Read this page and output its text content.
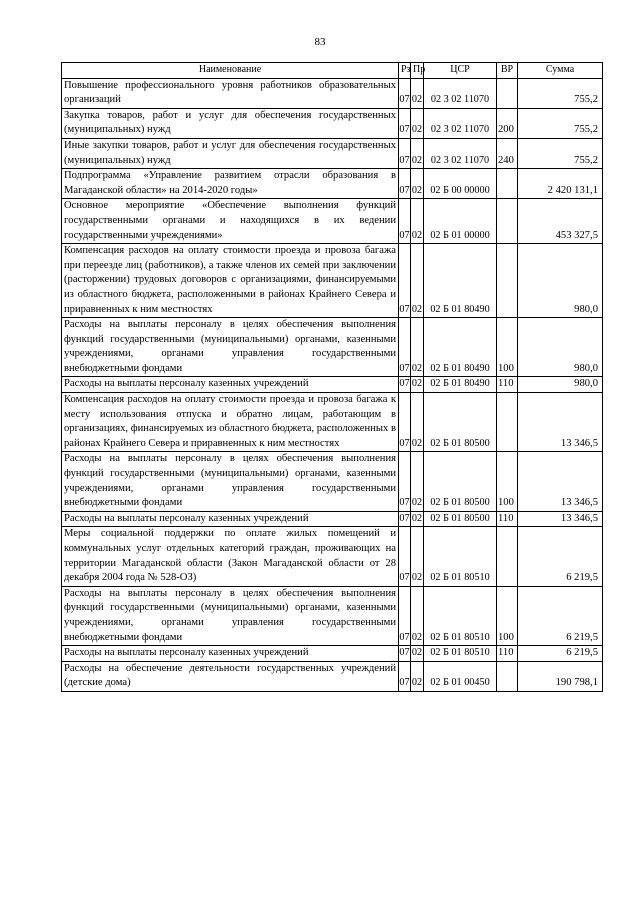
83
Наименование	Рз	Пр	ЦСР	ВР	Сумма
Повышение профессионального уровня работников образовательных организаций	07	02	02 3 02 11070		755,2
Закупка товаров, работ и услуг для обеспечения государственных (муниципальных) нужд	07	02	02 3 02 11070	200	755,2
Иные закупки товаров, работ и услуг для обеспечения государственных (муниципальных) нужд	07	02	02 3 02 11070	240	755,2
Подпрограмма «Управление развитием отрасли образования в Магаданской области» на 2014-2020 годы»	07	02	02 Б 00 00000		2 420 131,1
Основное мероприятие «Обеспечение выполнения функций государственными органами и находящихся в их ведении государственными учреждениями»	07	02	02 Б 01 00000		453 327,5
Компенсация расходов на оплату стоимости проезда и провоза багажа при переезде лиц (работников), а также членов их семей при заключении (расторжении) трудовых договоров с организациями, финансируемыми из областного бюджета, расположенными в районах Крайнего Севера и приравненных к ним местностях	07	02	02 Б 01 80490		980,0
Расходы на выплаты персоналу в целях обеспечения выполнения функций государственными (муниципальными) органами, казенными учреждениями, органами управления государственными внебюджетными фондами	07	02	02 Б 01 80490	100	980,0
Расходы на выплаты персоналу казенных учреждений	07	02	02 Б 01 80490	110	980,0
Компенсация расходов на оплату стоимости проезда и провоза багажа к месту использования отпуска и обратно лицам, работающим в организациях, финансируемых из областного бюджета, расположенных в районах Крайнего Севера и приравненных к ним местностях	07	02	02 Б 01 80500		13 346,5
Расходы на выплаты персоналу в целях обеспечения выполнения функций государственными (муниципальными) органами, казенными учреждениями, органами управления государственными внебюджетными фондами	07	02	02 Б 01 80500	100	13 346,5
Расходы на выплаты персоналу казенных учреждений	07	02	02 Б 01 80500	110	13 346,5
Меры социальной поддержки по оплате жилых помещений и коммунальных услуг отдельных категорий граждан, проживающих на территории Магаданской области (Закон Магаданской области от 28 декабря 2004 года № 528-ОЗ)	07	02	02 Б 01 80510		6 219,5
Расходы на выплаты персоналу в целях обеспечения выполнения функций государственными (муниципальными) органами, казенными учреждениями, органами управления государственными внебюджетными фондами	07	02	02 Б 01 80510	100	6 219,5
Расходы на выплаты персоналу казенных учреждений	07	02	02 Б 01 80510	110	6 219,5
Расходы на обеспечение деятельности государственных учреждений (детские дома)	07	02	02 Б 01 00450		190 798,1
